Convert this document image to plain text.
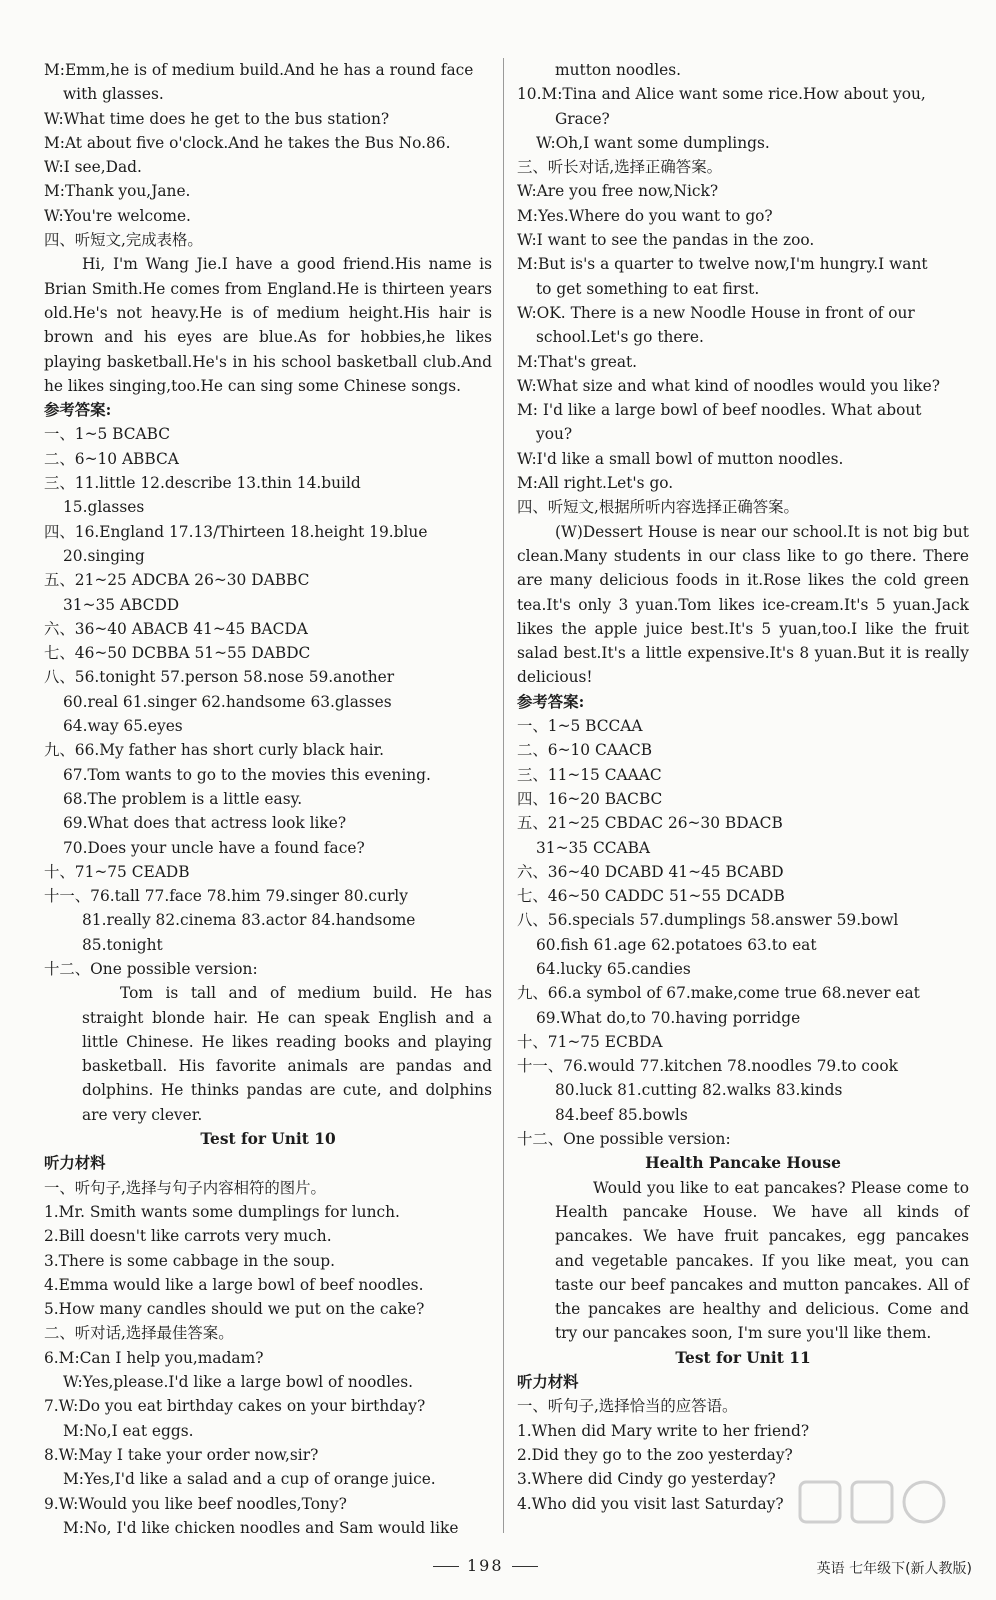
M:Emm,he is of medium build.And he has a round face
with glasses.
W:What time does he get to the bus station?
M:At about five o'clock.And he takes the Bus No.86.
W:I see,Dad.
M:Thank you,Jane.
W:You're welcome.
四、听短文,完成表格。
Hi, I'm Wang Jie.I have a good friend.His name is Brian Smith.He comes from England.He is thirteen years old.He's not heavy.He is of medium height.His hair is brown and his eyes are blue.As for hobbies,he likes playing basketball.He's in his school basketball club.And he likes singing,too.He can sing some Chinese songs.
参考答案:
一、1~5 BCABC
二、6~10 ABBCA
三、11.little 12.describe 13.thin 14.build
15.glasses
四、16.England 17.13/Thirteen 18.height 19.blue
20.singing
五、21~25 ADCBA 26~30 DABBC
31~35 ABCDD
六、36~40 ABACB 41~45 BACDA
七、46~50 DCBBA 51~55 DABDC
八、56.tonight 57.person 58.nose 59.another
60.real 61.singer 62.handsome 63.glasses
64.way 65.eyes
九、66.My father has short curly black hair.
67.Tom wants to go to the movies this evening.
68.The problem is a little easy.
69.What does that actress look like?
70.Does your uncle have a found face?
十、71~75 CEADB
十一、76.tall 77.face 78.him 79.singer 80.curly
81.really 82.cinema 83.actor 84.handsome
85.tonight
十二、One possible version:
Tom is tall and of medium build. He has straight blonde hair. He can speak English and a little Chinese. He likes reading books and playing basketball. His favorite animals are pandas and dolphins. He thinks pandas are cute, and dolphins are very clever.
Test for Unit 10
听力材料
一、听句子,选择与句子内容相符的图片。
1.Mr. Smith wants some dumplings for lunch.
2.Bill doesn't like carrots very much.
3.There is some cabbage in the soup.
4.Emma would like a large bowl of beef noodles.
5.How many candles should we put on the cake?
二、听对话,选择最佳答案。
6.M:Can I help you,madam?
W:Yes,please.I'd like a large bowl of noodles.
7.W:Do you eat birthday cakes on your birthday?
M:No,I eat eggs.
8.W:May I take your order now,sir?
M:Yes,I'd like a salad and a cup of orange juice.
9.W:Would you like beef noodles,Tony?
M:No, I'd like chicken noodles and Sam would like
mutton noodles.
10.M:Tina and Alice want some rice.How about you,
Grace?
W:Oh,I want some dumplings.
三、听长对话,选择正确答案。
W:Are you free now,Nick?
M:Yes.Where do you want to go?
W:I want to see the pandas in the zoo.
M:But is's a quarter to twelve now,I'm hungry.I want
to get something to eat first.
W:OK. There is a new Noodle House in front of our
school.Let's go there.
M:That's great.
W:What size and what kind of noodles would you like?
M: I'd like a large bowl of beef noodles. What about
you?
W:I'd like a small bowl of mutton noodles.
M:All right.Let's go.
四、听短文,根据所听内容选择正确答案。
(W)Dessert House is near our school.It is not big but clean.Many students in our class like to go there. There are many delicious foods in it.Rose likes the cold green tea.It's only 3 yuan.Tom likes ice-cream.It's 5 yuan.Jack likes the apple juice best.It's 5 yuan,too.I like the fruit salad best.It's a little expensive.It's 8 yuan.But it is really delicious!
参考答案:
一、1~5 BCCAA
二、6~10 CAACB
三、11~15 CAAAC
四、16~20 BACBC
五、21~25 CBDAC 26~30 BDACB
31~35 CCABA
六、36~40 DCABD 41~45 BCABD
七、46~50 CADDC 51~55 DCADB
八、56.specials 57.dumplings 58.answer 59.bowl
60.fish 61.age 62.potatoes 63.to eat
64.lucky 65.candies
九、66.a symbol of 67.make,come true 68.never eat
69.What do,to 70.having porridge
十、71~75 ECBDA
十一、76.would 77.kitchen 78.noodles 79.to cook
80.luck 81.cutting 82.walks 83.kinds
84.beef 85.bowls
十二、One possible version:
Health Pancake House
Would you like to eat pancakes? Please come to Health pancake House. We have all kinds of pancakes. We have fruit pancakes, egg pancakes and vegetable pancakes. If you like meat, you can taste our beef pancakes and mutton pancakes. All of the pancakes are healthy and delicious. Come and try our pancakes soon, I'm sure you'll like them.
Test for Unit 11
听力材料
一、听句子,选择恰当的应答语。
1.When did Mary write to her friend?
2.Did they go to the zoo yesterday?
3.Where did Cindy go yesterday?
4.Who did you visit last Saturday?
198	英语 七年级下(新人教版)
